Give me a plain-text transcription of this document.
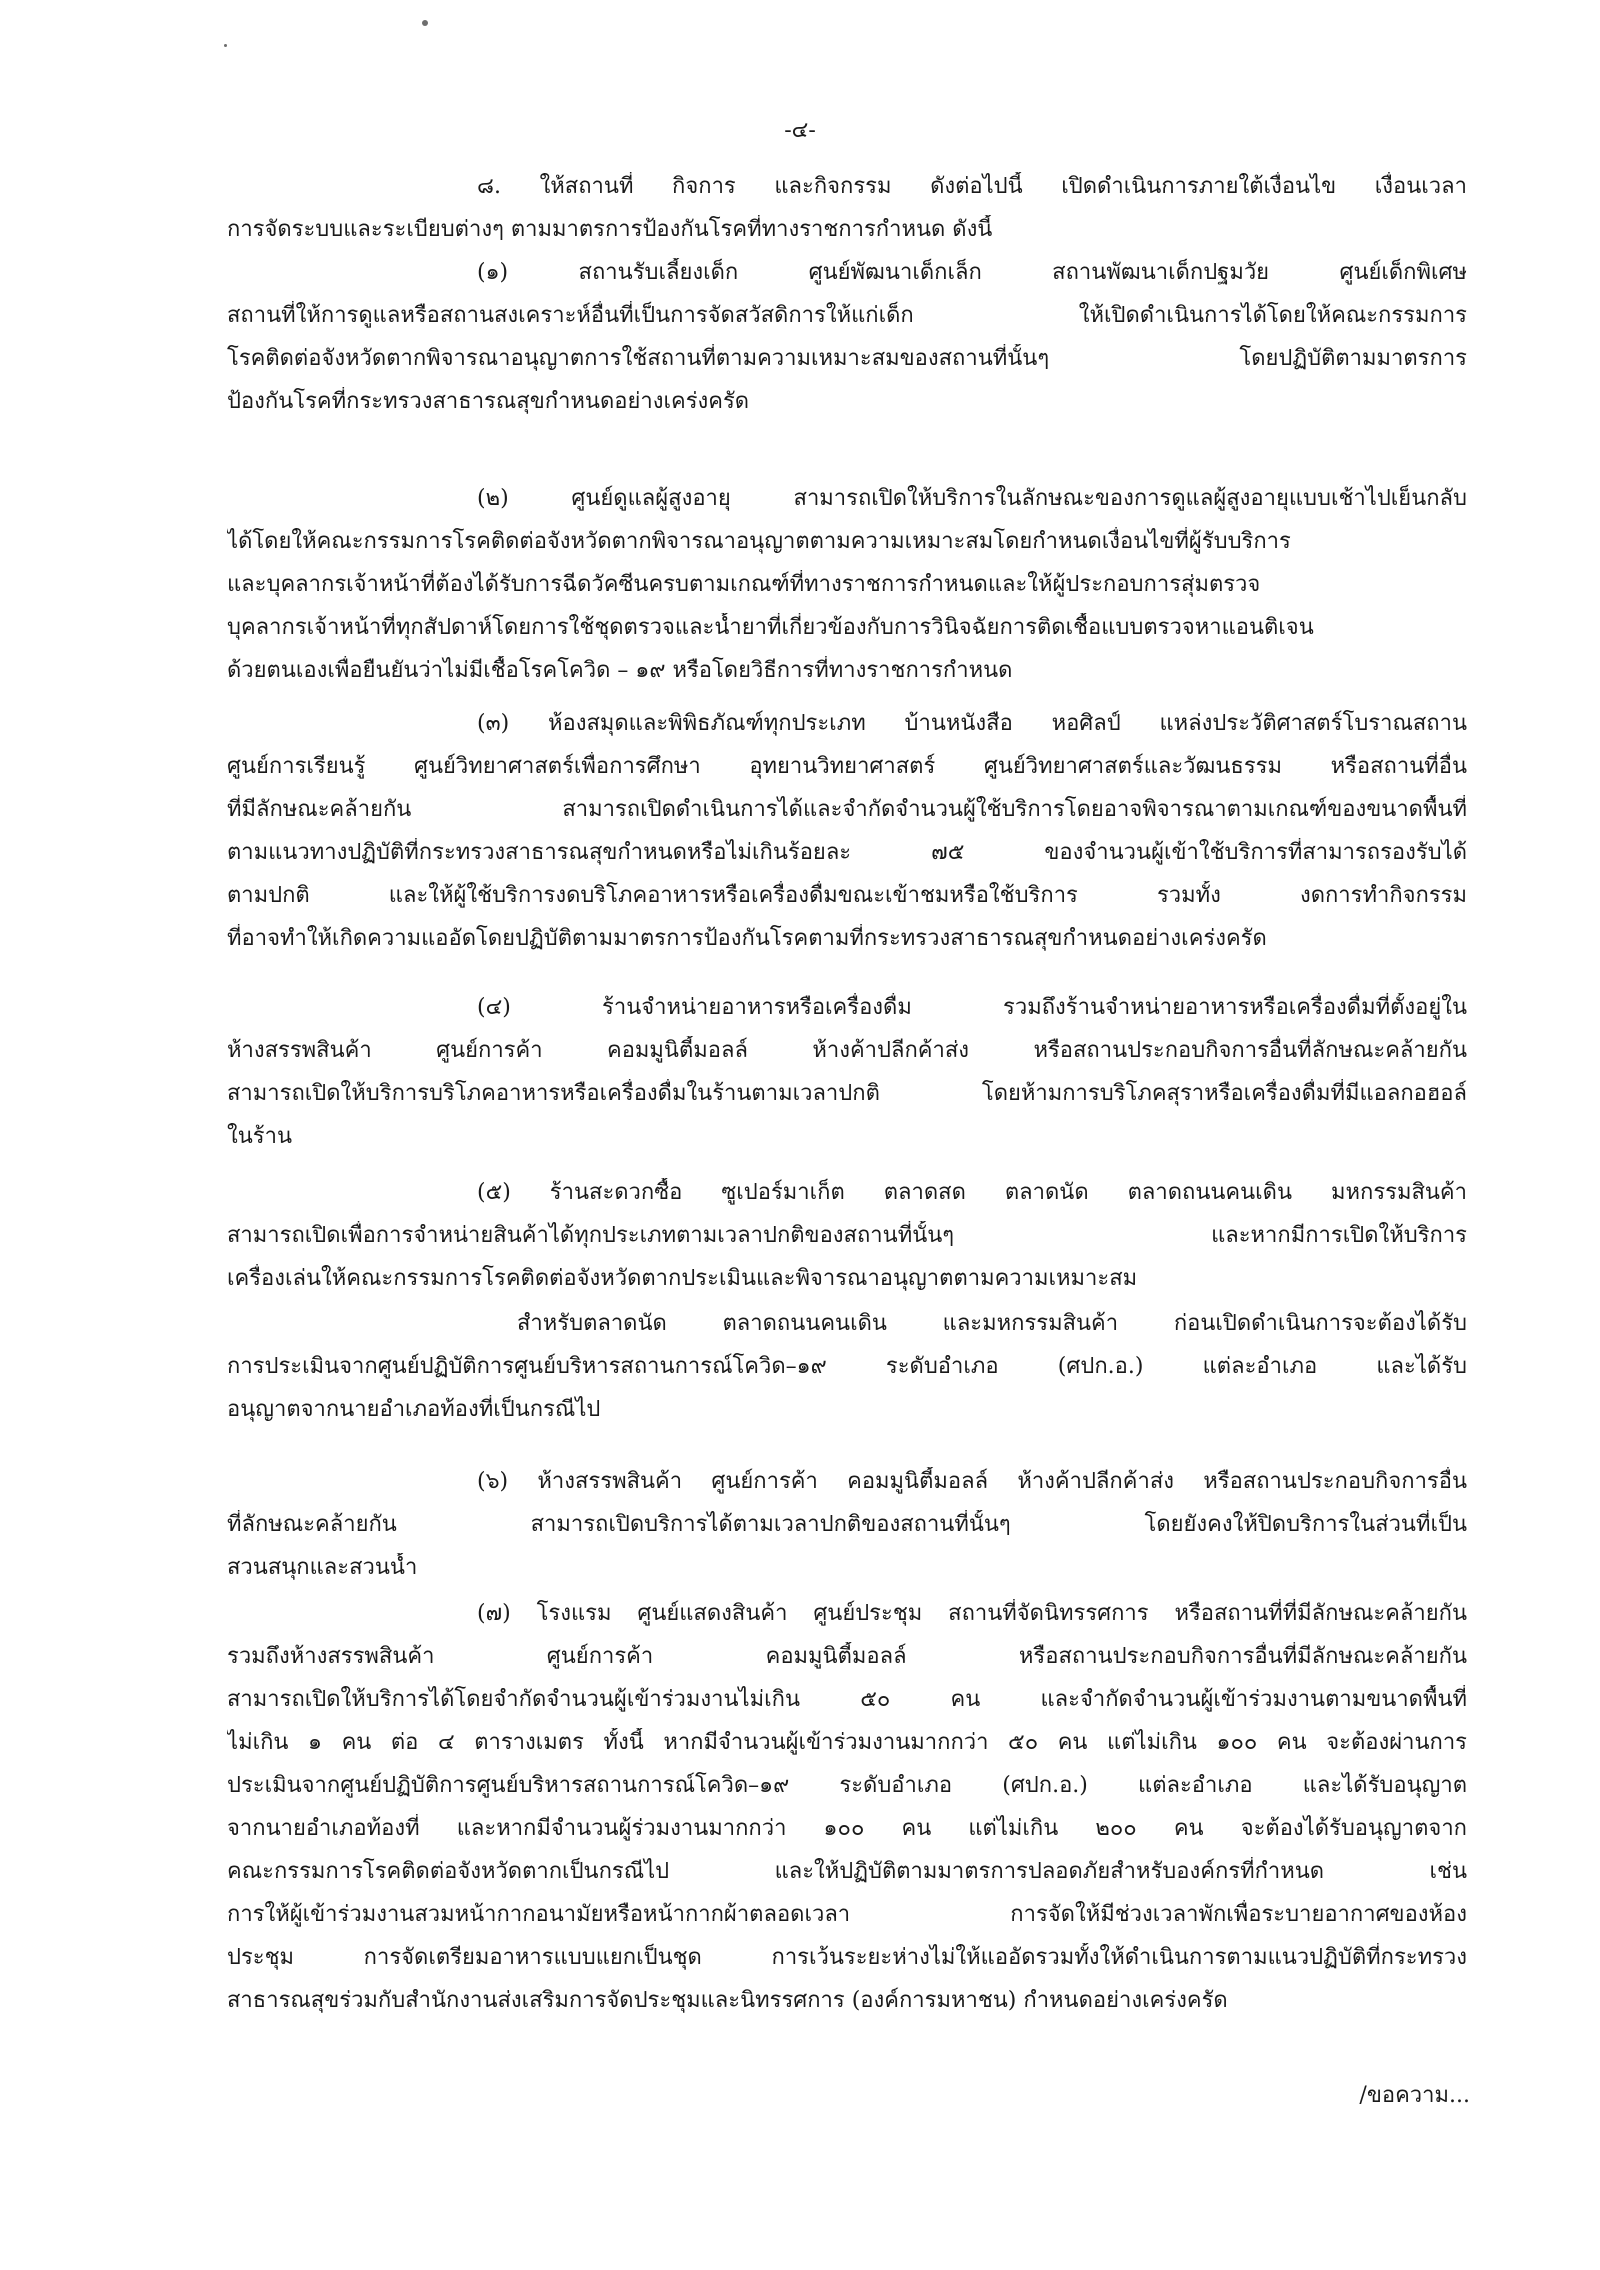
-๔-
๘. ให้สถานที่ กิจการ และกิจกรรม ดังต่อไปนี้ เปิดดำเนินการภายใต้เงื่อนไข เงื่อนเวลา
การจัดระบบและระเบียบต่างๆ ตามมาตรการป้องกันโรคที่ทางราชการกำหนด ดังนี้
(๑) สถานรับเลี้ยงเด็ก ศูนย์พัฒนาเด็กเล็ก สถานพัฒนาเด็กปฐมวัย ศูนย์เด็กพิเศษ
สถานที่ให้การดูแลหรือสถานสงเคราะห์อื่นที่เป็นการจัดสวัสดิการให้แก่เด็ก ให้เปิดดำเนินการได้โดยให้คณะกรรมการ
โรคติดต่อจังหวัดตากพิจารณาอนุญาตการใช้สถานที่ตามความเหมาะสมของสถานที่นั้นๆ โดยปฏิบัติตามมาตรการ
ป้องกันโรคที่กระทรวงสาธารณสุขกำหนดอย่างเคร่งครัด
(๒) ศูนย์ดูแลผู้สูงอายุ สามารถเปิดให้บริการในลักษณะของการดูแลผู้สูงอายุแบบเช้าไปเย็นกลับ
ได้โดยให้คณะกรรมการโรคติดต่อจังหวัดตากพิจารณาอนุญาตตามความเหมาะสมโดยกำหนดเงื่อนไขที่ผู้รับบริการ
และบุคลากรเจ้าหน้าที่ต้องได้รับการฉีดวัคซีนครบตามเกณฑ์ที่ทางราชการกำหนดและให้ผู้ประกอบการสุ่มตรวจ
บุคลากรเจ้าหน้าที่ทุกสัปดาห์โดยการใช้ชุดตรวจและน้ำยาที่เกี่ยวข้องกับการวินิจฉัยการติดเชื้อแบบตรวจหาแอนติเจน
ด้วยตนเองเพื่อยืนยันว่าไม่มีเชื้อโรคโควิด – ๑๙ หรือโดยวิธีการที่ทางราชการกำหนด
(๓) ห้องสมุดและพิพิธภัณฑ์ทุกประเภท บ้านหนังสือ หอศิลป์ แหล่งประวัติศาสตร์โบราณสถาน
ศูนย์การเรียนรู้ ศูนย์วิทยาศาสตร์เพื่อการศึกษา อุทยานวิทยาศาสตร์ ศูนย์วิทยาศาสตร์และวัฒนธรรม หรือสถานที่อื่น
ที่มีลักษณะคล้ายกัน สามารถเปิดดำเนินการได้และจำกัดจำนวนผู้ใช้บริการโดยอาจพิจารณาตามเกณฑ์ของขนาดพื้นที่
ตามแนวทางปฏิบัติที่กระทรวงสาธารณสุขกำหนดหรือไม่เกินร้อยละ ๗๕ ของจำนวนผู้เข้าใช้บริการที่สามารถรองรับได้
ตามปกติ และให้ผู้ใช้บริการงดบริโภคอาหารหรือเครื่องดื่มขณะเข้าชมหรือใช้บริการ รวมทั้ง งดการทำกิจกรรม
ที่อาจทำให้เกิดความแออัดโดยปฏิบัติตามมาตรการป้องกันโรคตามที่กระทรวงสาธารณสุขกำหนดอย่างเคร่งครัด
(๔) ร้านจำหน่ายอาหารหรือเครื่องดื่ม รวมถึงร้านจำหน่ายอาหารหรือเครื่องดื่มที่ตั้งอยู่ใน
ห้างสรรพสินค้า ศูนย์การค้า คอมมูนิตี้มอลล์ ห้างค้าปลีกค้าส่ง หรือสถานประกอบกิจการอื่นที่ลักษณะคล้ายกัน
สามารถเปิดให้บริการบริโภคอาหารหรือเครื่องดื่มในร้านตามเวลาปกติ โดยห้ามการบริโภคสุราหรือเครื่องดื่มที่มีแอลกอฮอล์
ในร้าน
(๕) ร้านสะดวกซื้อ ซูเปอร์มาเก็ต ตลาดสด ตลาดนัด ตลาดถนนคนเดิน มหกรรมสินค้า
สามารถเปิดเพื่อการจำหน่ายสินค้าได้ทุกประเภทตามเวลาปกติของสถานที่นั้นๆ และหากมีการเปิดให้บริการ
เครื่องเล่นให้คณะกรรมการโรคติดต่อจังหวัดตากประเมินและพิจารณาอนุญาตตามความเหมาะสม
สำหรับตลาดนัด ตลาดถนนคนเดิน และมหกรรมสินค้า ก่อนเปิดดำเนินการจะต้องได้รับ
การประเมินจากศูนย์ปฏิบัติการศูนย์บริหารสถานการณ์โควิด–๑๙ ระดับอำเภอ (ศปก.อ.) แต่ละอำเภอ และได้รับ
อนุญาตจากนายอำเภอท้องที่เป็นกรณีไป
(๖) ห้างสรรพสินค้า ศูนย์การค้า คอมมูนิตี้มอลล์ ห้างค้าปลีกค้าส่ง หรือสถานประกอบกิจการอื่น
ที่ลักษณะคล้ายกัน สามารถเปิดบริการได้ตามเวลาปกติของสถานที่นั้นๆ โดยยังคงให้ปิดบริการในส่วนที่เป็น
สวนสนุกและสวนน้ำ
(๗) โรงแรม ศูนย์แสดงสินค้า ศูนย์ประชุม สถานที่จัดนิทรรศการ หรือสถานที่ที่มีลักษณะคล้ายกัน
รวมถึงห้างสรรพสินค้า ศูนย์การค้า คอมมูนิตี้มอลล์ หรือสถานประกอบกิจการอื่นที่มีลักษณะคล้ายกัน
สามารถเปิดให้บริการได้โดยจำกัดจำนวนผู้เข้าร่วมงานไม่เกิน ๕๐ คน และจำกัดจำนวนผู้เข้าร่วมงานตามขนาดพื้นที่
ไม่เกิน ๑ คน ต่อ ๔ ตารางเมตร ทั้งนี้ หากมีจำนวนผู้เข้าร่วมงานมากกว่า ๕๐ คน แต่ไม่เกิน ๑๐๐ คน จะต้องผ่านการ
ประเมินจากศูนย์ปฏิบัติการศูนย์บริหารสถานการณ์โควิด–๑๙ ระดับอำเภอ (ศปก.อ.) แต่ละอำเภอ และได้รับอนุญาต
จากนายอำเภอท้องที่ และหากมีจำนวนผู้ร่วมงานมากกว่า ๑๐๐ คน แต่ไม่เกิน ๒๐๐ คน จะต้องได้รับอนุญาตจาก
คณะกรรมการโรคติดต่อจังหวัดตากเป็นกรณีไป และให้ปฏิบัติตามมาตรการปลอดภัยสำหรับองค์กรที่กำหนด เช่น
การให้ผู้เข้าร่วมงานสวมหน้ากากอนามัยหรือหน้ากากผ้าตลอดเวลา การจัดให้มีช่วงเวลาพักเพื่อระบายอากาศของห้อง
ประชุม การจัดเตรียมอาหารแบบแยกเป็นชุด การเว้นระยะห่างไม่ให้แออัดรวมทั้งให้ดำเนินการตามแนวปฏิบัติที่กระทรวง
สาธารณสุขร่วมกับสำนักงานส่งเสริมการจัดประชุมและนิทรรศการ (องค์การมหาชน) กำหนดอย่างเคร่งครัด
/ขอความ...
